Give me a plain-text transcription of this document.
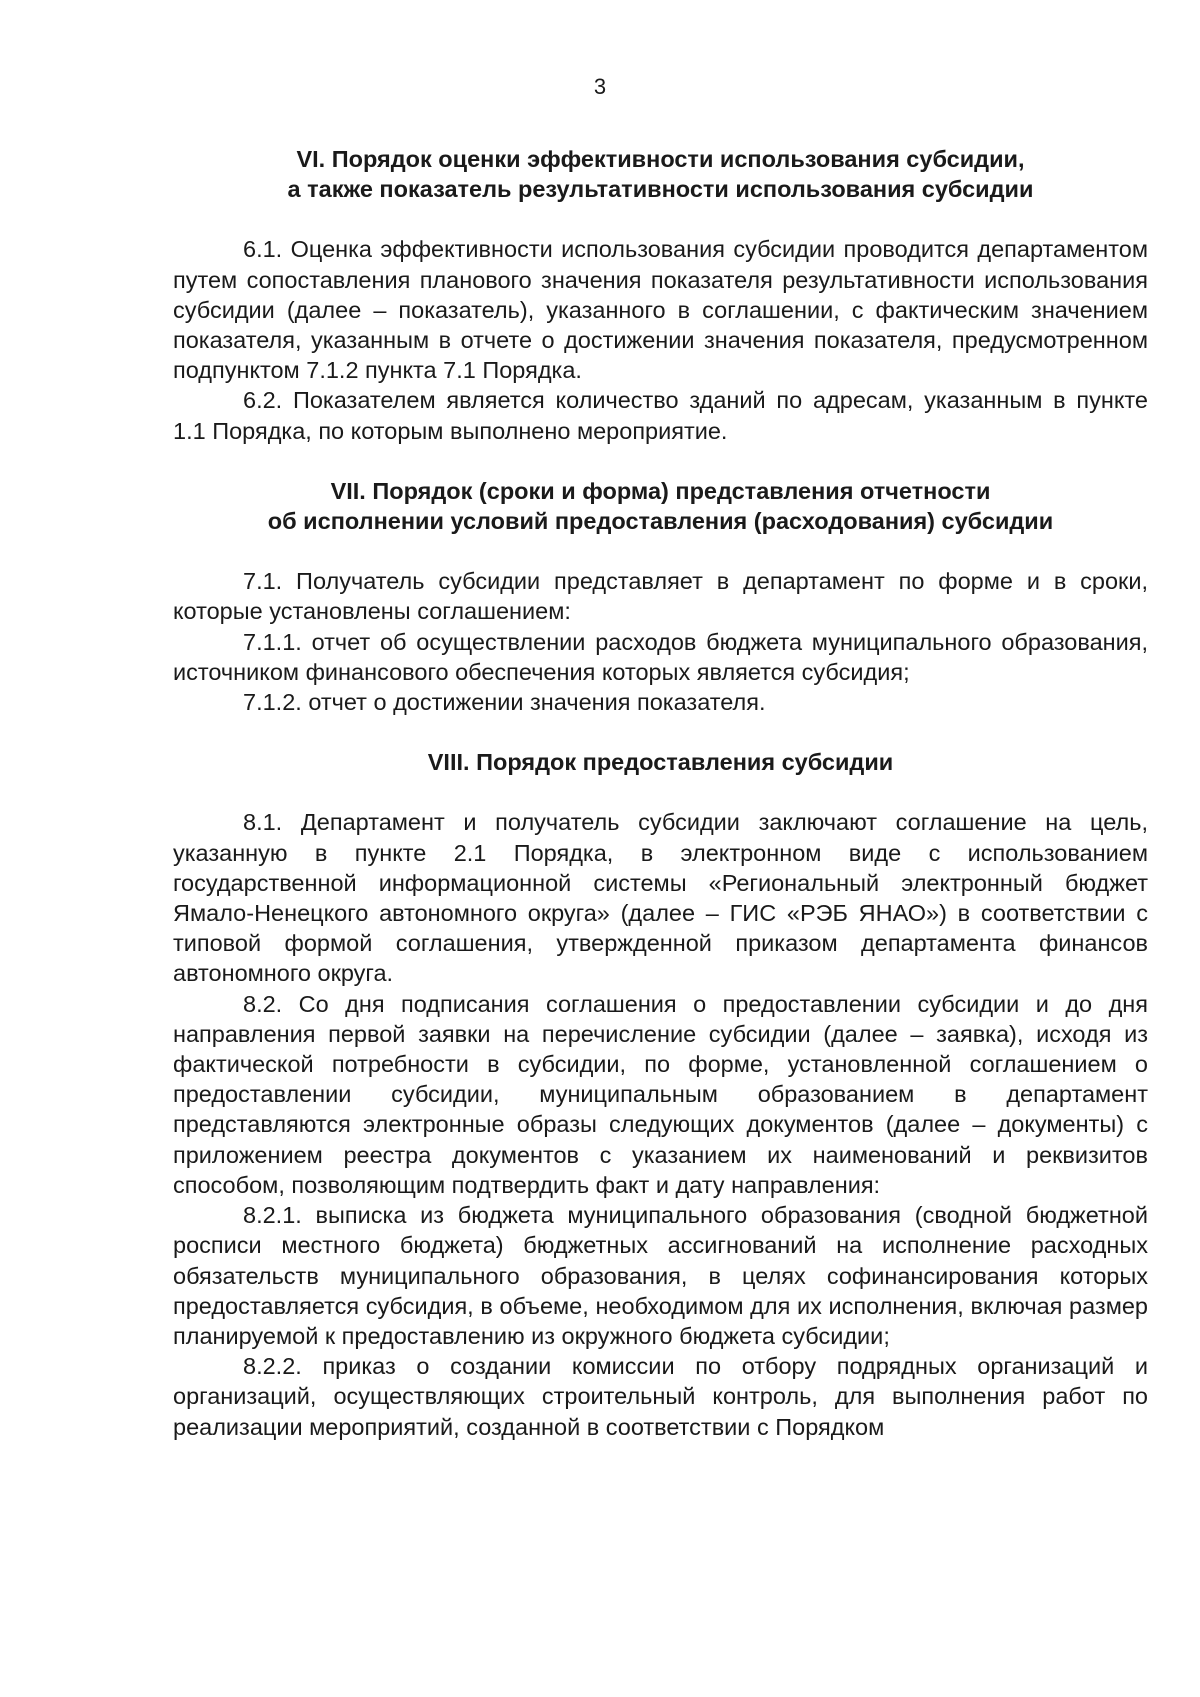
3
VI. Порядок оценки эффективности использования субсидии,
а также показатель результативности использования субсидии

6.1. Оценка эффективности использования субсидии проводится департаментом путем сопоставления планового значения показателя результативности использования субсидии (далее – показатель), указанного в соглашении, с фактическим значением показателя, указанным в отчете о достижении значения показателя, предусмотренном подпунктом 7.1.2 пункта 7.1 Порядка.

6.2. Показателем является количество зданий по адресам, указанным в пункте 1.1 Порядка, по которым выполнено мероприятие.

VII. Порядок (сроки и форма) представления отчетности
об исполнении условий предоставления (расходования) субсидии

7.1. Получатель субсидии представляет в департамент по форме и в сроки, которые установлены соглашением:

7.1.1. отчет об осуществлении расходов бюджета муниципального образования, источником финансового обеспечения которых является субсидия;

7.1.2. отчет о достижении значения показателя.

VIII. Порядок предоставления субсидии

8.1. Департамент и получатель субсидии заключают соглашение на цель, указанную в пункте 2.1 Порядка, в электронном виде с использованием государственной информационной системы «Региональный электронный бюджет Ямало-Ненецкого автономного округа» (далее – ГИС «РЭБ ЯНАО») в соответствии с типовой формой соглашения, утвержденной приказом департамента финансов автономного округа.

8.2. Со дня подписания соглашения о предоставлении субсидии и до дня направления первой заявки на перечисление субсидии (далее – заявка), исходя из фактической потребности в субсидии, по форме, установленной соглашением о предоставлении субсидии, муниципальным образованием в департамент представляются электронные образы следующих документов (далее – документы) с приложением реестра документов с указанием их наименований и реквизитов способом, позволяющим подтвердить факт и дату направления:

8.2.1. выписка из бюджета муниципального образования (сводной бюджетной росписи местного бюджета) бюджетных ассигнований на исполнение расходных обязательств муниципального образования, в целях софинансирования которых предоставляется субсидия, в объеме, необходимом для их исполнения, включая размер планируемой к предоставлению из окружного бюджета субсидии;

8.2.2. приказ о создании комиссии по отбору подрядных организаций и организаций, осуществляющих строительный контроль, для выполнения работ по реализации мероприятий, созданной в соответствии с Порядком
